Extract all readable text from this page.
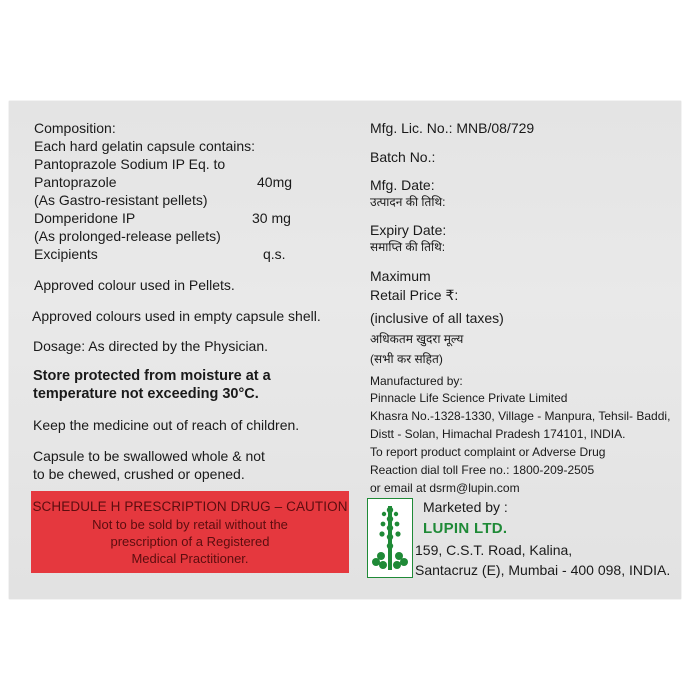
Composition:
Each hard gelatin capsule contains:
Pantoprazole Sodium IP Eq. to
Pantoprazole	40mg
(As Gastro-resistant pellets)
Domperidone IP	30 mg
(As prolonged-release pellets)
Excipients	q.s.
Approved colour used in Pellets.
Approved colours used in empty capsule shell.
Dosage: As directed by the Physician.
Store protected from moisture at a
temperature not exceeding 30°C.
Keep the medicine out of reach of children.
Capsule to be swallowed whole & not
to be chewed, crushed or opened.
SCHEDULE H PRESCRIPTION DRUG – CAUTION
Not to be sold by retail without the
prescription of a Registered
Medical Practitioner.
Mfg. Lic. No.: MNB/08/729
Batch No.:
Mfg. Date:
उत्पादन की तिथि:
Expiry Date:
समाप्ति की तिथि:
Maximum
Retail Price ₹:
(inclusive of all taxes)
अधिकतम खुदरा मूल्य
(सभी कर सहित)
Manufactured by:
Pinnacle Life Science Private Limited
Khasra No.-1328-1330, Village - Manpura, Tehsil- Baddi,
Distt - Solan, Himachal Pradesh 174101, INDIA.
To report product complaint or Adverse Drug
Reaction dial toll Free no.: 1800-209-2505
or email at dsrm@lupin.com
Marketed by :
LUPIN LTD.
159, C.S.T. Road, Kalina,
Santacruz (E), Mumbai - 400 098, INDIA.
